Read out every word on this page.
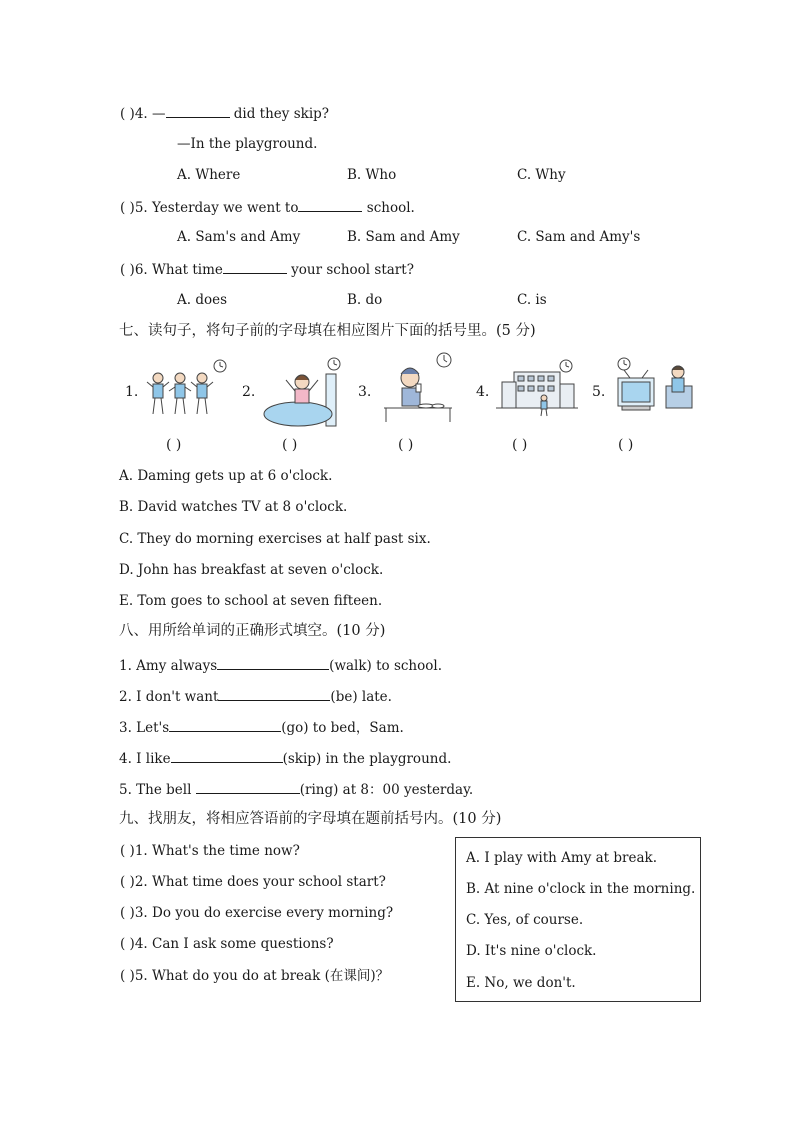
( )4. —	did they skip?
—In the playground.
A. Where	B. Who	C. Why
( )5. Yesterday we went to	school.
A. Sam's and Amy	B. Sam and Amy	C. Sam and Amy's
( )6. What time	your school start?
A. does	B. do	C. is
七、读句子，将句子前的字母填在相应图片下面的括号里。(5 分)
1.	2.	3.	4.	5.
( )	( )	( )	( )	( )
A. Daming gets up at 6 o'clock.
B. David watches TV at 8 o'clock.
C. They do morning exercises at half past six.
D. John has breakfast at seven o'clock.
E. Tom goes to school at seven fifteen.
八、用所给单词的正确形式填空。(10 分)
1. Amy always	(walk) to school.
2. I don't want	(be) late.
3. Let's	(go) to bed，Sam.
4. I like	(skip) in the playground.
5. The bell	(ring) at 8：00 yesterday.
九、找朋友，将相应答语前的字母填在题前括号内。(10 分)
( )1. What's the time now?
( )2. What time does your school start?
( )3. Do you do exercise every morning?
( )4. Can I ask some questions?
( )5. What do you do at break (在课间)？
A. I play with Amy at break.
B. At nine o'clock in the morning.
C. Yes, of course.
D. It's nine o'clock.
E. No, we don't.
